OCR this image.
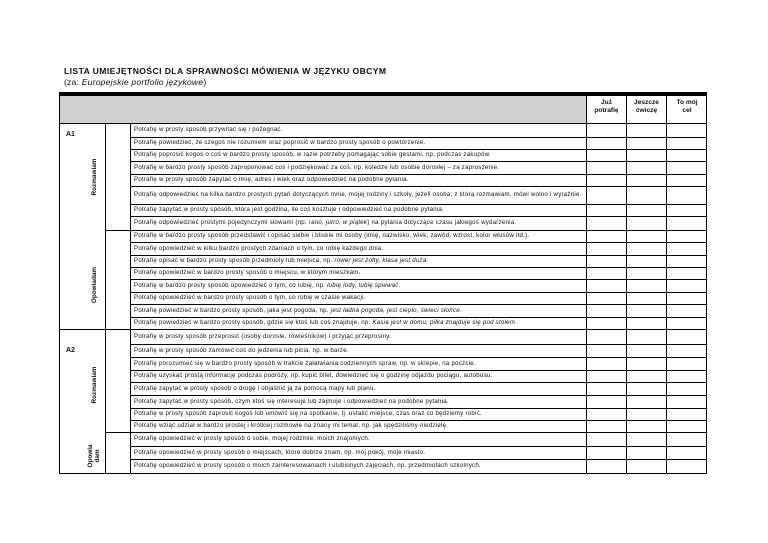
LISTA UMIEJĘTNOŚCI DLA SPRAWNOŚCI MÓWIENIA W JĘZYKU OBCYM
(za: Europejskie portfolio językowe)
Już
potrafię
Jeszcze
ćwiczę
To mój
cel
A1
A2
Rozmawiam
Opowiadam
Rozmawiam
Opowia
dam
Potrafię w prosty sposób przywitać się i pożegnać.
Potrafię powiedzieć, że czegoś nie rozumiem oraz poprosić w bardzo prosty sposób o powtórzenie.
Potrafię poprosić kogoś o coś w bardzo prosty sposób, w razie potrzeby pomagając sobie gestami, np. podczas zakupów.
Potrafię w bardzo prosty sposób zaproponować coś i podziękować za coś, np. koledze lub osobie dorosłej – za zaproszenie.
Potrafię w prosty sposób zapytać o imię, adres i wiek oraz odpowiedzieć na podobne pytania.
Potrafię odpowiedzieć na kilka bardzo prostych pytań dotyczących mnie, mojej rodziny i szkoły, jeżeli osoba, z którą rozmawiam, mówi wolno i wyraźnie.
Potrafię zapytać w prosty sposób, która jest godzina, ile coś kosztuje i odpowiedzieć na podobne pytania.
Potrafię odpowiedzieć prostymi pojedynczymi słowami (np. rano, jutro, w piątek) na pytania dotyczące czasu jakiegoś wydarzenia.
Potrafię w bardzo prosty sposób przedstawić i opisać siebie i bliskie mi osoby (imię, nazwisko, wiek, zawód, wzrost, kolor włosów itd.).
Potrafię opowiedzieć w kilku bardzo prostych zdaniach o tym, co robię każdego dnia.
Potrafię opisać w bardzo prosty sposób przedmioty lub miejsca, np. rower jest żółty, klasa jest duża.
Potrafię opowiedzieć w bardzo prosty sposób o miejscu, w którym mieszkam.
Potrafię w bardzo prosty sposób opowiedzieć o tym, co lubię, np. lubię lody, lubię śpiewać.
Potrafię opowiedzieć w bardzo prosty sposób o tym, co robię w czasie wakacji.
Potrafię powiedzieć w bardzo prosty sposób, jaka jest pogoda, np. jest ładna pogoda, jest ciepło, świeci słońce.
Potrafię powiedzieć w bardzo prosty sposób, gdzie się ktoś lub coś znajduje, np. Kasia jest w domu, piłka znajduje się pod stołem.
Potrafię w prosty sposób przeprosić (osoby dorosłe, rówieśników) i przyjąć przeprosiny.
Potrafię w prosty sposób zamówić coś do jedzenia lub picia, np. w barze.
Potrafię porozumieć się w bardzo prosty sposób w trakcie załatwiania codziennych spraw, np. w sklepie, na poczcie.
Potrafię uzyskać prostą informację podczas podróży, np. kupić bilet, dowiedzieć się o godzinę odjazdu pociągu, autobusu.
Potrafię zapytać w prosty sposób o drogę i objaśnić ją za pomocą mapy lub planu.
Potrafię zapytać w prosty sposób, czym ktoś się interesuje lub zajmuje i odpowiedzieć na podobne pytania.
Potrafię w prosty sposób zaprosić kogoś lub umówić się na spotkanie, tj. ustalić miejsce, czas oraz co będziemy robić.
Potrafię wziąć udział w bardzo prostej i krótkiej rozmowie na znany mi temat, np. jak spędziliśmy niedzielę.
Potrafię opowiedzieć w prosty sposób o sobie, mojej rodzinie, moich znajomych.
Potrafię opowiedzieć w prosty sposób o miejscach, które dobrze znam, np. mój pokój, moje miasto.
Potrafię opowiedzieć w prosty sposób o moich zainteresowaniach i ulubionych zajęciach, np. przedmiotach szkolnych.
